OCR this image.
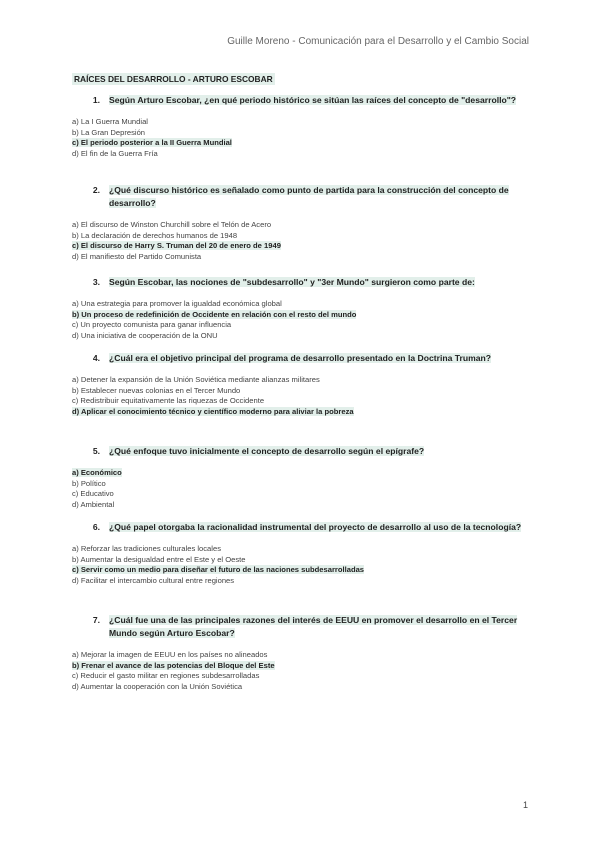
Guille Moreno - Comunicación para el Desarrollo y el Cambio Social
RAÍCES DEL DESARROLLO - ARTURO ESCOBAR
1.	Según Arturo Escobar, ¿en qué periodo histórico se sitúan las raíces del concepto de "desarrollo"?
a) La I Guerra Mundial
b) La Gran Depresión
c) El periodo posterior a la II Guerra Mundial
d) El fin de la Guerra Fría
2.	¿Qué discurso histórico es señalado como punto de partida para la construcción del concepto de desarrollo?
a) El discurso de Winston Churchill sobre el Telón de Acero
b) La declaración de derechos humanos de 1948
c) El discurso de Harry S. Truman del 20 de enero de 1949
d) El manifiesto del Partido Comunista
3.	Según Escobar, las nociones de "subdesarrollo" y "3er Mundo" surgieron como parte de:
a) Una estrategia para promover la igualdad económica global
b) Un proceso de redefinición de Occidente en relación con el resto del mundo
c) Un proyecto comunista para ganar influencia
d) Una iniciativa de cooperación de la ONU
4.	¿Cuál era el objetivo principal del programa de desarrollo presentado en la Doctrina Truman?
a) Detener la expansión de la Unión Soviética mediante alianzas militares
b) Establecer nuevas colonias en el Tercer Mundo
c) Redistribuir equitativamente las riquezas de Occidente
d) Aplicar el conocimiento técnico y científico moderno para aliviar la pobreza
5.	¿Qué enfoque tuvo inicialmente el concepto de desarrollo según el epígrafe?
a) Económico
b) Político
c) Educativo
d) Ambiental
6.	¿Qué papel otorgaba la racionalidad instrumental del proyecto de desarrollo al uso de la tecnología?
a) Reforzar las tradiciones culturales locales
b) Aumentar la desigualdad entre el Este y el Oeste
c) Servir como un medio para diseñar el futuro de las naciones subdesarrolladas
d) Facilitar el intercambio cultural entre regiones
7.	¿Cuál fue una de las principales razones del interés de EEUU en promover el desarrollo en el Tercer Mundo según Arturo Escobar?
a) Mejorar la imagen de EEUU en los países no alineados
b) Frenar el avance de las potencias del Bloque del Este
c) Reducir el gasto militar en regiones subdesarrolladas
d) Aumentar la cooperación con la Unión Soviética
1
